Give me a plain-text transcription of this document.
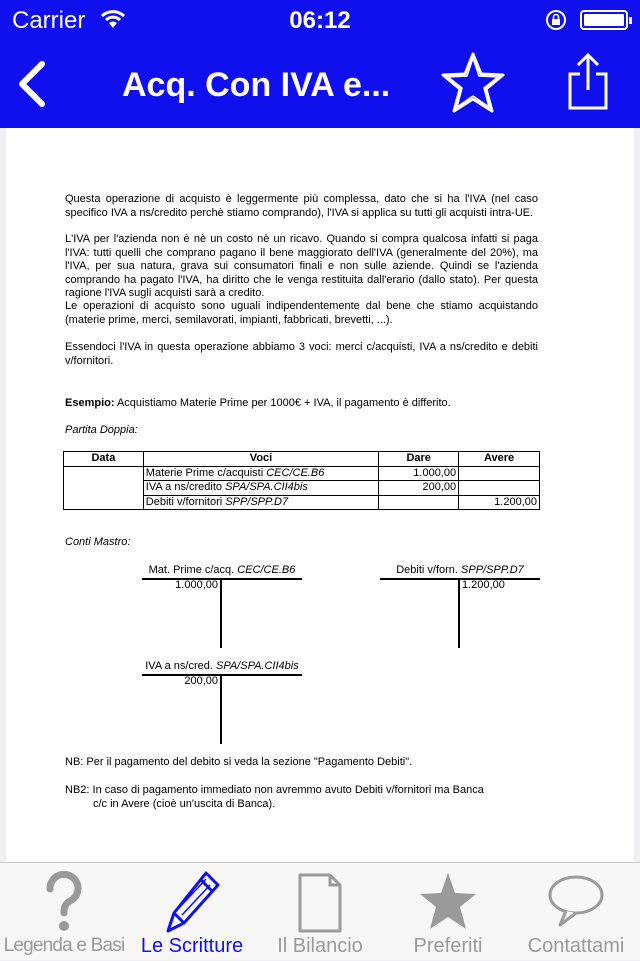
Carrier	06:12
Acq. Con IVA e...

Questa operazione di acquisto è leggermente più complessa, dato che si ha l'IVA (nel caso specifico IVA a ns/credito perchè stiamo comprando), l'IVA si applica su tutti gli acquisti intra-UE.

L'IVA per l'azienda non è nè un costo nè un ricavo. Quando si compra qualcosa infatti si paga l'IVA: tutti quelli che comprano pagano il bene maggiorato dell'IVA (generalmente del 20%), ma l'IVA, per sua natura, grava sui consumatori finali e non sulle aziende. Quindi se l'azienda comprando ha pagato l'IVA, ha diritto che le venga restituita dall'erario (dallo stato). Per questa ragione l'IVA sugli acquisti sarà a credito.

Le operazioni di acquisto sono uguali indipendentemente dal bene che stiamo acquistando (materie prime, merci, semilavorati, impianti, fabbricati, brevetti, ...).

Essendoci l'IVA in questa operazione abbiamo 3 voci: merci c/acquisti, IVA a ns/credito e debiti v/fornitori.

Esempio: Acquistiamo Materie Prime per 1000€ + IVA, il pagamento è differito.

Partita Doppia:

Data	Voci	Dare	Avere
	Materie Prime c/acquisti CEC/CE.B6	1.000,00	
	IVA a ns/credito SPA/SPA.CII4bis	200,00	
	Debiti v/fornitori SPP/SPP.D7		1.200,00

Conti Mastro:

Mat. Prime c/acq. CEC/CE.B6
1.000,00
Debiti v/forn. SPP/SPP.D7
1.200,00
IVA a ns/cred. SPA/SPA.CII4bis
200,00

NB: Per il pagamento del debito si veda la sezione "Pagamento Debiti".

NB2: In caso di pagamento immediato non avremmo avuto Debiti v/fornitori ma Banca

c/c in Avere (cioè un'uscita di Banca).

Legenda e Basi Le Scritture	Il Bilancio	Preferiti	Contattami
